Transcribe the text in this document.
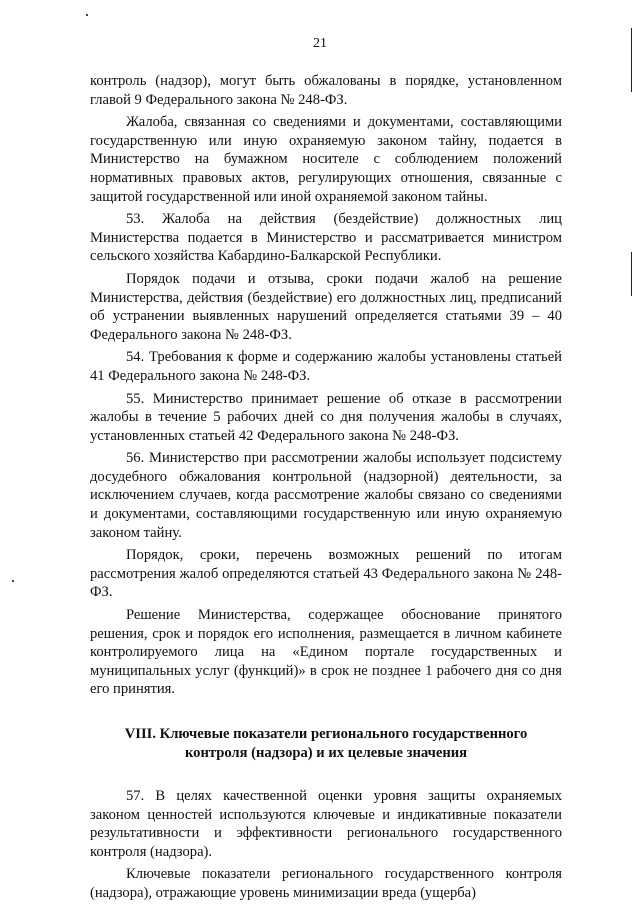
21

контроль (надзор), могут быть обжалованы в порядке, установленном главой 9 Федерального закона № 248-ФЗ.

Жалоба, связанная со сведениями и документами, составляющими государственную или иную охраняемую законом тайну, подается в Министерство на бумажном носителе с соблюдением положений нормативных правовых актов, регулирующих отношения, связанные с защитой государственной или иной охраняемой законом тайны.

53. Жалоба на действия (бездействие) должностных лиц Министерства подается в Министерство и рассматривается министром сельского хозяйства Кабардино-Балкарской Республики.

Порядок подачи и отзыва, сроки подачи жалоб на решение Министерства, действия (бездействие) его должностных лиц, предписаний об устранении выявленных нарушений определяется статьями 39 – 40 Федерального закона № 248-ФЗ.

54. Требования к форме и содержанию жалобы установлены статьей 41 Федерального закона № 248-ФЗ.

55. Министерство принимает решение об отказе в рассмотрении жалобы в течение 5 рабочих дней со дня получения жалобы в случаях, установленных статьей 42 Федерального закона № 248-ФЗ.

56. Министерство при рассмотрении жалобы использует подсистему досудебного обжалования контрольной (надзорной) деятельности, за исключением случаев, когда рассмотрение жалобы связано со сведениями и документами, составляющими государственную или иную охраняемую законом тайну.

Порядок, сроки, перечень возможных решений по итогам рассмотрения жалоб определяются статьей 43 Федерального закона № 248-ФЗ.

Решение Министерства, содержащее обоснование принятого решения, срок и порядок его исполнения, размещается в личном кабинете контролируемого лица на «Едином портале государственных и муниципальных услуг (функций)» в срок не позднее 1 рабочего дня со дня его принятия.

VIII. Ключевые показатели регионального государственного
контроля (надзора) и их целевые значения

57. В целях качественной оценки уровня защиты охраняемых законом ценностей используются ключевые и индикативные показатели результативности и эффективности регионального государственного контроля (надзора).

Ключевые показатели регионального государственного контроля (надзора), отражающие уровень минимизации вреда (ущерба)
